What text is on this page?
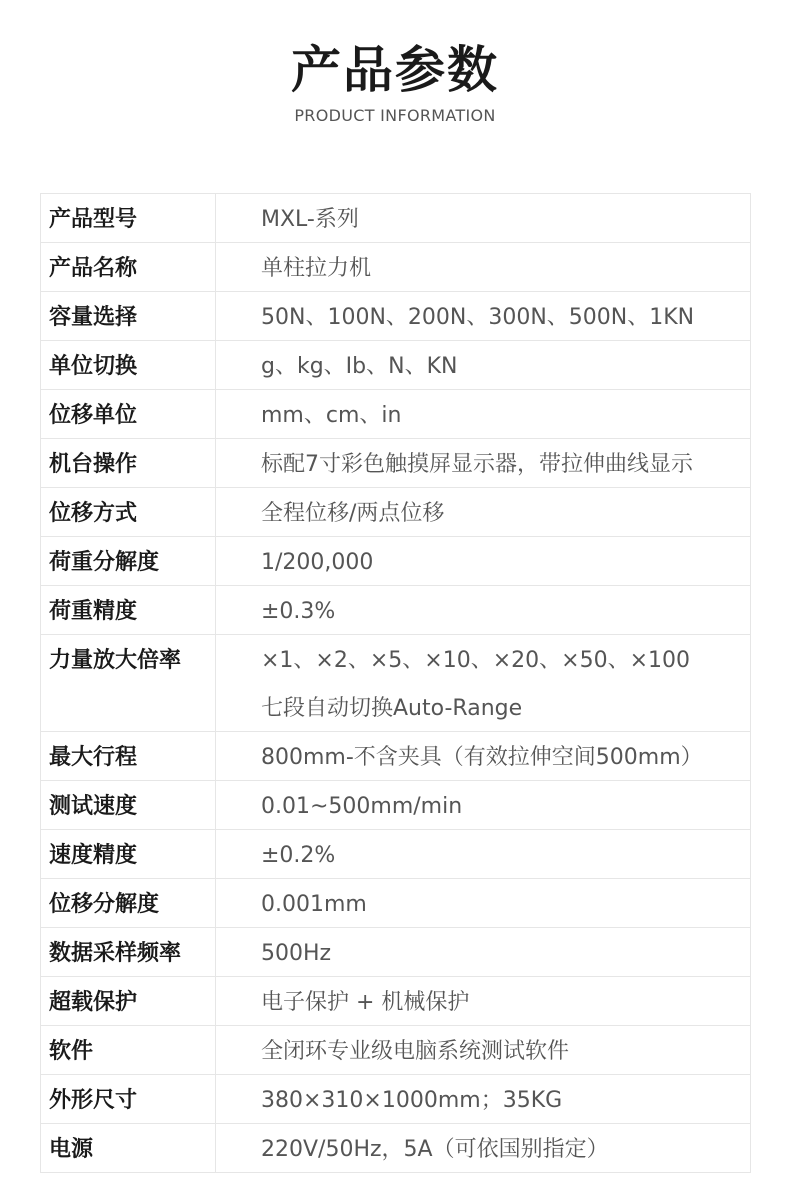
产品参数
PRODUCT INFORMATION
产品型号	MXL-系列

产品名称	单柱拉力机

容量选择	50N、100N、200N、300N、500N、1KN

单位切换	g、kg、Ib、N、KN

位移单位	mm、cm、in

机台操作	标配7寸彩色触摸屏显示器，带拉伸曲线显示

位移方式	全程位移/两点位移

荷重分解度	1/200,000

荷重精度	±0.3%

力量放大倍率	×1、×2、×5、×10、×20、×50、×100
七段自动切换Auto-Range

最大行程	800mm-不含夹具（有效拉伸空间500mm）

测试速度	0.01~500mm/min

速度精度	±0.2%

位移分解度	0.001mm

数据采样频率	500Hz

超载保护	电子保护 + 机械保护

软件	全闭环专业级电脑系统测试软件

外形尺寸	380×310×1000mm；35KG

电源	220V/50Hz，5A（可依国别指定）
